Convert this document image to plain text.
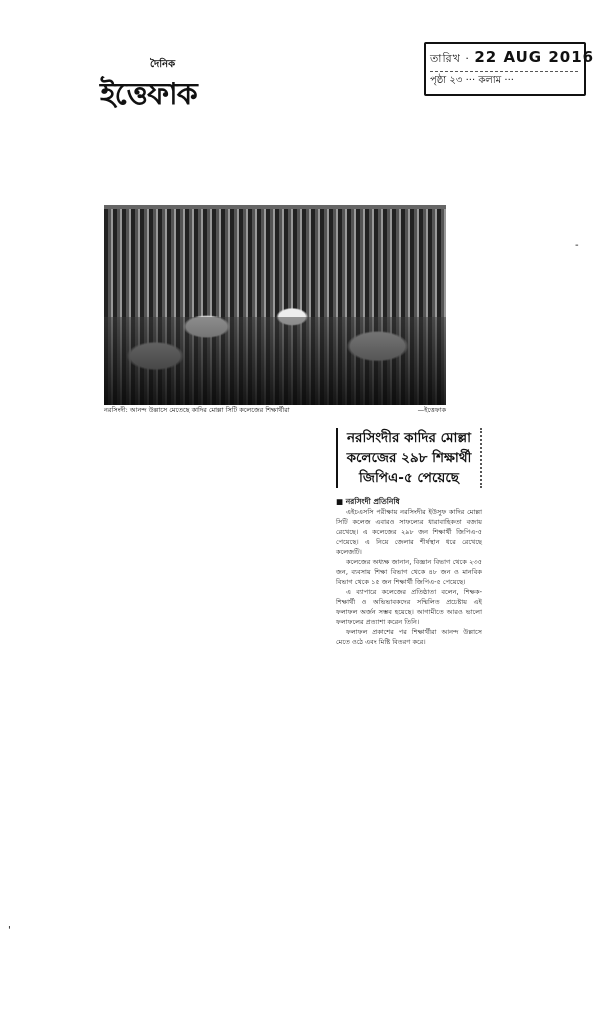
তারিখ · 22 AUG 2016
পৃষ্ঠা ২৩ ··· কলাম ···
দৈনিক
ইত্তেফাক
নরসিংদী: আনন্দ উল্লাসে মেতেছে কাদির মোল্লা সিটি কলেজের শিক্ষার্থীরা	—ইত্তেফাক
নরসিংদীর কাদির মোল্লা কলেজের ২৯৮ শিক্ষার্থী জিপিএ-৫ পেয়েছে
■ নরসিংদী প্রতিনিধি

এইচএসসি পরীক্ষায় নরসিংদীর ইউসুফ কাদির মোল্লা সিটি কলেজ এবারও সাফল্যের ধারাবাহিকতা বজায় রেখেছে। এ কলেজের ২৯৮ জন শিক্ষার্থী জিপিএ-৫ পেয়েছে। এ নিয়ে জেলার শীর্ষস্থান ধরে রেখেছে কলেজটি।

কলেজের অধ্যক্ষ জানান, বিজ্ঞান বিভাগ থেকে ২৩৫ জন, ব্যবসায় শিক্ষা বিভাগ থেকে ৪৮ জন ও মানবিক বিভাগ থেকে ১৫ জন শিক্ষার্থী জিপিএ-৫ পেয়েছে।

এ ব্যাপারে কলেজের প্রতিষ্ঠাতা বলেন, শিক্ষক-শিক্ষার্থী ও অভিভাবকদের সম্মিলিত প্রচেষ্টায় এই ফলাফল অর্জন সম্ভব হয়েছে। আগামীতে আরও ভালো ফলাফলের প্রত্যাশা করেন তিনি।

ফলাফল প্রকাশের পর শিক্ষার্থীরা আনন্দ উল্লাসে মেতে ওঠে এবং মিষ্টি বিতরণ করে।

-
'
